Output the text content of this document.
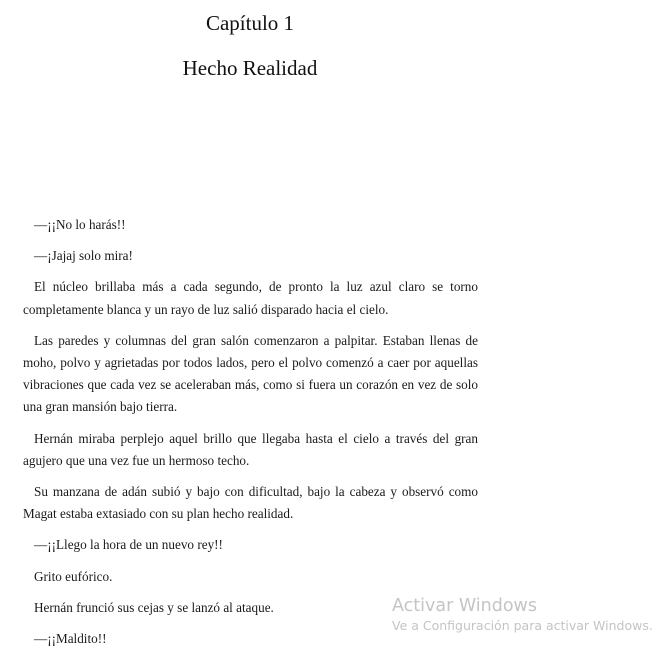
Capítulo 1
Hecho Realidad

—¡¡No lo harás!!

—¡Jajaj solo mira!

El núcleo brillaba más a cada segundo, de pronto la luz azul claro se torno completamente blanca y un rayo de luz salió disparado hacia el cielo.

Las paredes y columnas del gran salón comenzaron a palpitar. Estaban llenas de moho, polvo y agrietadas por todos lados, pero el polvo comenzó a caer por aquellas vibraciones que cada vez se aceleraban más, como si fuera un corazón en vez de solo una gran mansión bajo tierra.

Hernán miraba perplejo aquel brillo que llegaba hasta el cielo a través del gran agujero que una vez fue un hermoso techo.

Su manzana de adán subió y bajo con dificultad, bajo la cabeza y observó como Magat estaba extasiado con su plan hecho realidad.

—¡¡Llego la hora de un nuevo rey!!

Grito eufórico.

Hernán frunció sus cejas y se lanzó al ataque.

—¡¡Maldito!!

Activar Windows
Ve a Configuración para activar Windows.
